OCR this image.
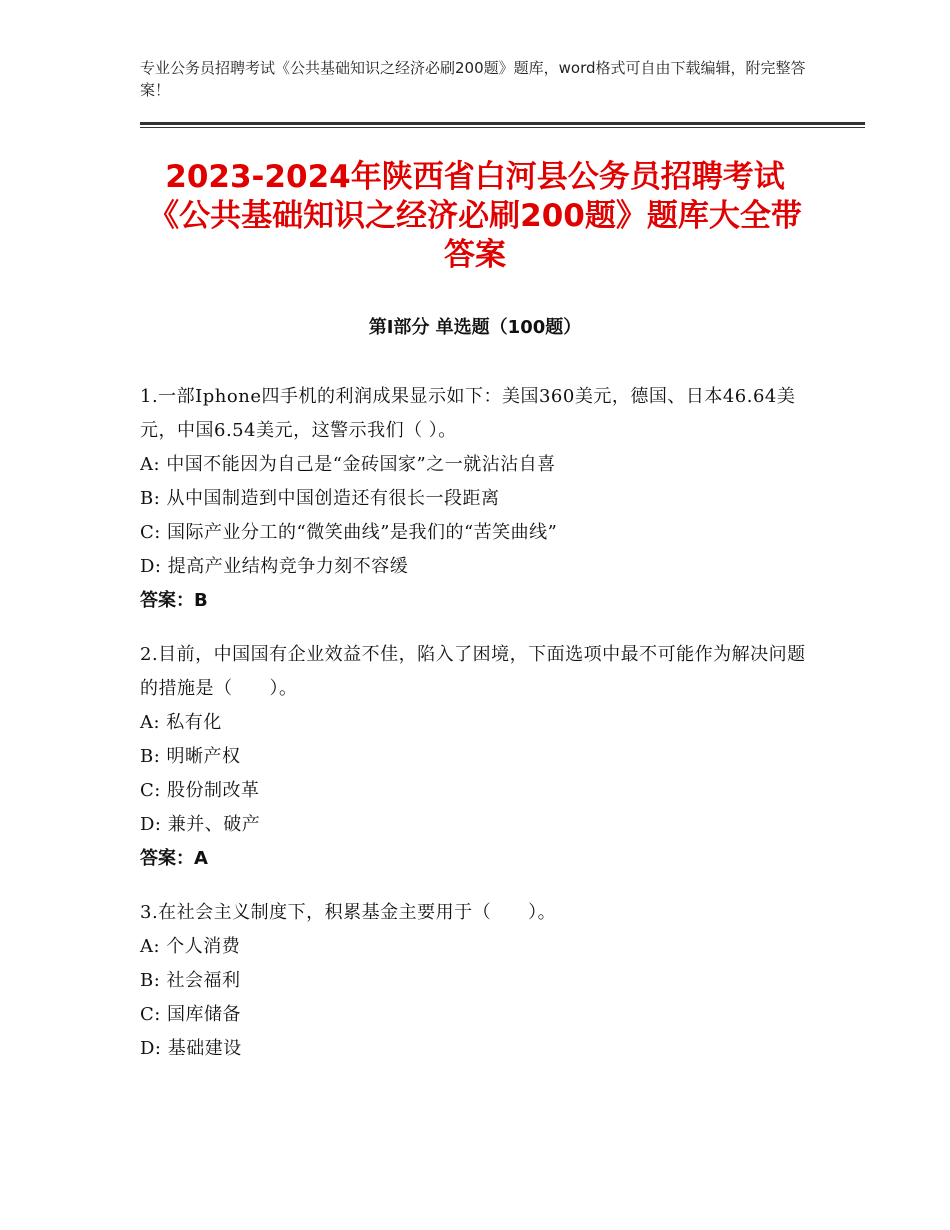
专业公务员招聘考试《公共基础知识之经济必刷200题》题库，word格式可自由下载编辑，附完整答案！
2023-2024年陕西省白河县公务员招聘考试《公共基础知识之经济必刷200题》题库大全带答案
第Ⅰ部分 单选题（100题）
1.一部Iphone四手机的利润成果显示如下：美国360美元，德国、日本46.64美元，中国6.54美元，这警示我们（ ）。
A: 中国不能因为自己是“金砖国家”之一就沾沾自喜
B: 从中国制造到中国创造还有很长一段距离
C: 国际产业分工的“微笑曲线”是我们的“苦笑曲线”
D: 提高产业结构竞争力刻不容缓
答案：B
2.目前，中国国有企业效益不佳，陷入了困境，下面选项中最不可能作为解决问题的措施是（　　）。
A: 私有化
B: 明晰产权
C: 股份制改革
D: 兼并、破产
答案：A
3.在社会主义制度下，积累基金主要用于（　　）。
A: 个人消费
B: 社会福利
C: 国库储备
D: 基础建设
